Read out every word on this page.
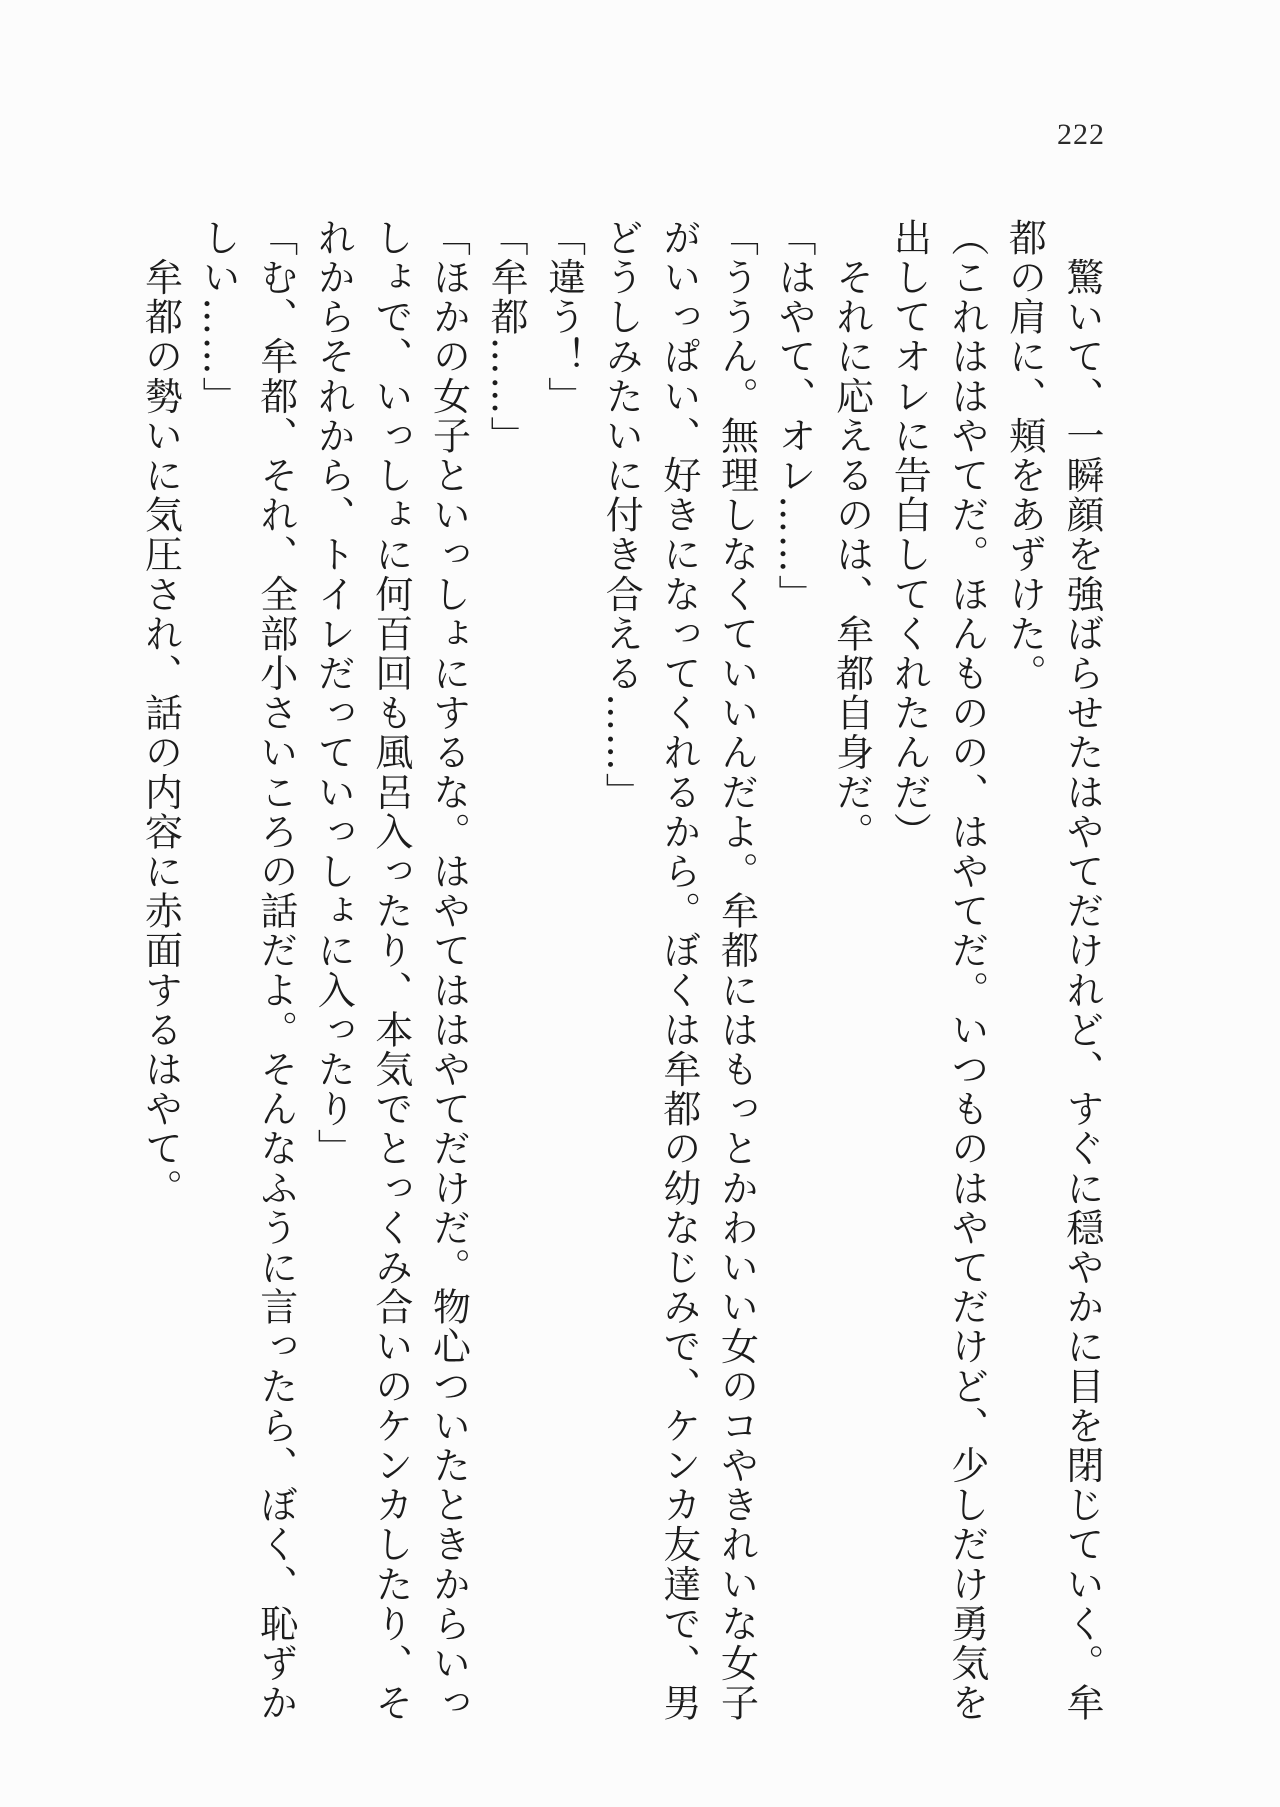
222
　驚いて、一瞬顔を強ばらせたはやてだけれど、すぐに穏やかに目を閉じていく。牟
都の肩に、頬をあずけた。
（これははやてだ。ほんものの、はやてだ。いつものはやてだけど、少しだけ勇気を
出してオレに告白してくれたんだ）
　それに応えるのは、牟都自身だ。
「はやて、オレ……」
「ううん。無理しなくていいんだよ。牟都にはもっとかわいい女のコやきれいな女子
がいっぱい、好きになってくれるから。ぼくは牟都の幼なじみで、ケンカ友達で、男
どうしみたいに付き合える……」
「違う！」
「牟都……」
「ほかの女子といっしょにするな。はやてははやてだけだ。物心ついたときからいっ
しょで、いっしょに何百回も風呂入ったり、本気でとっくみ合いのケンカしたり、そ
れからそれから、トイレだっていっしょに入ったり」
「む、牟都、それ、全部小さいころの話だよ。そんなふうに言ったら、ぼく、恥ずか
しい……」
　牟都の勢いに気圧され、話の内容に赤面するはやて。
